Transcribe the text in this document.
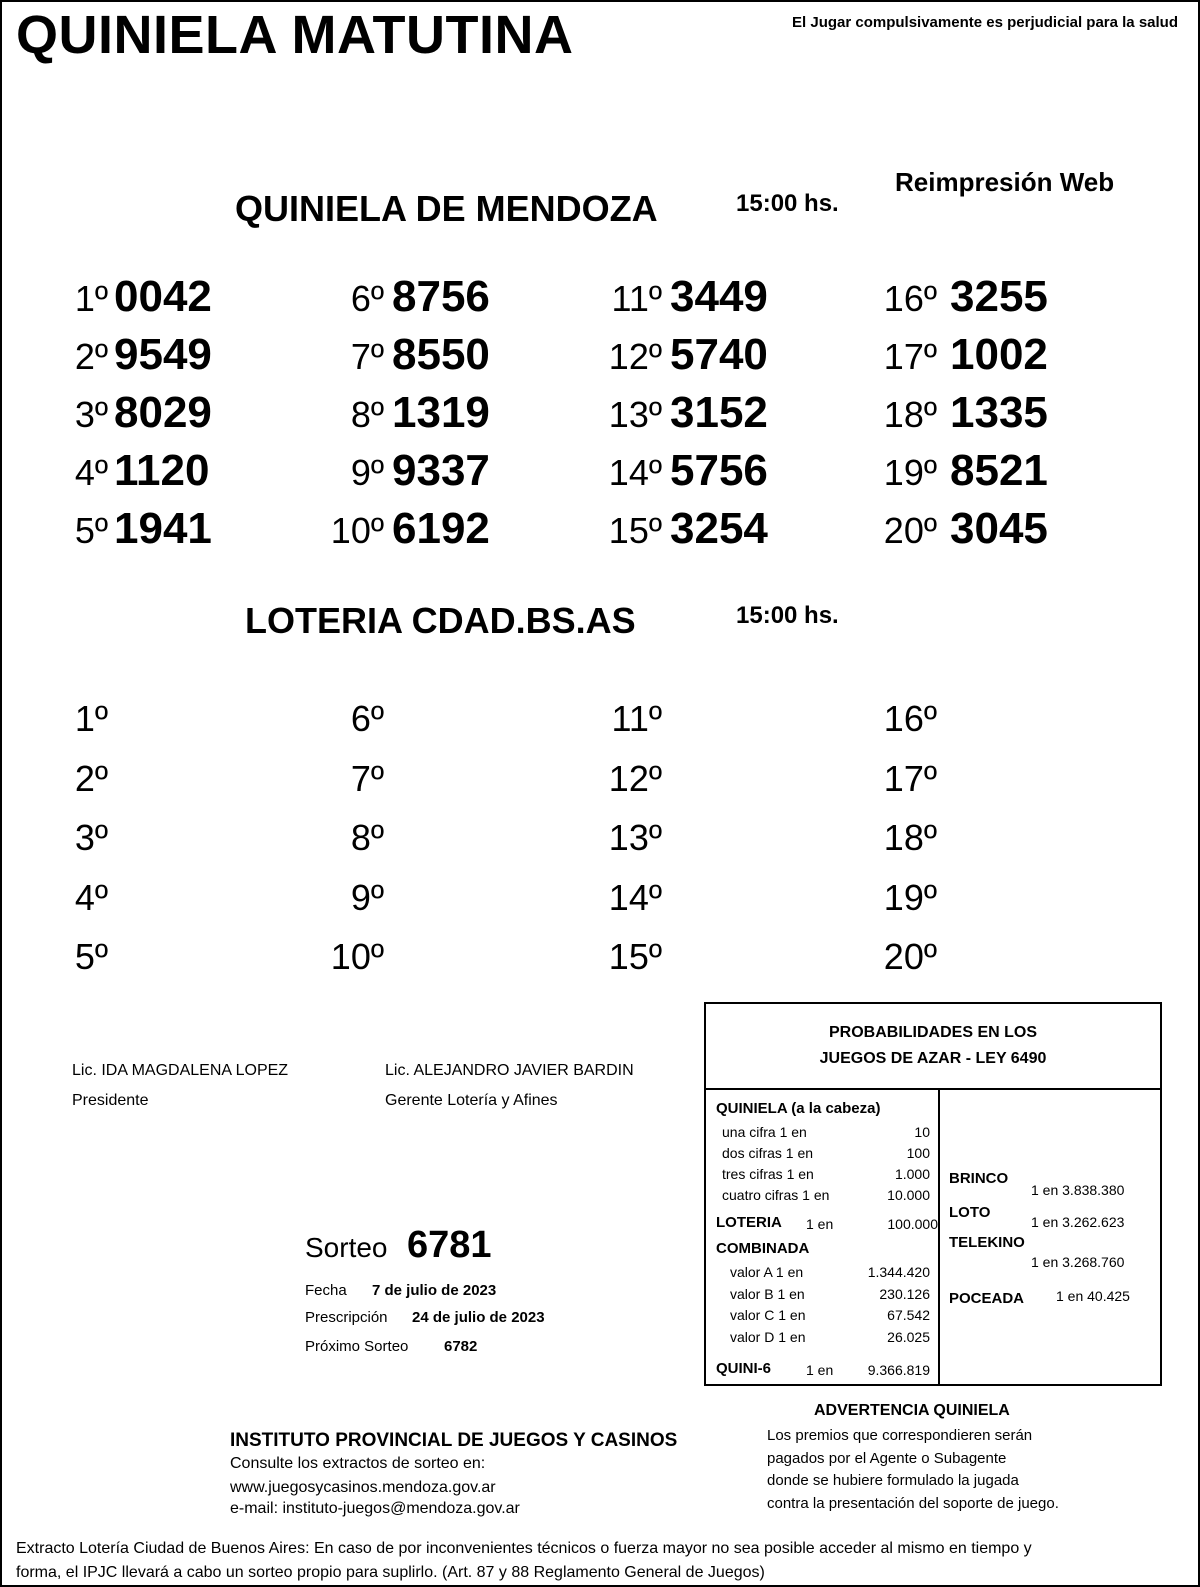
QUINIELA MATUTINA	El Jugar compulsivamente es perjudicial para la salud
Reimpresión Web
QUINIELA DE MENDOZA	15:00 hs.
1º 0042
2º 9549
3º 8029
4º 1120
5º 1941
6º 8756
7º 8550
8º 1319
9º 9337
10º 6192
11º 3449
12º 5740
13º 3152
14º 5756
15º 3254
16º 3255
17º 1002
18º 1335
19º 8521
20º 3045
LOTERIA CDAD.BS.AS	15:00 hs.
1º
2º
3º
4º
5º
6º
7º
8º
9º
10º
11º
12º
13º
14º
15º
16º
17º
18º
19º
20º
Lic. IDA MAGDALENA LOPEZ
Presidente
Lic. ALEJANDRO JAVIER BARDIN
Gerente Lotería y Afines
Sorteo 6781
Fecha 7 de julio de 2023
Prescripción 24 de julio de 2023
Próximo Sorteo 6782
PROBABILIDADES EN LOS
JUEGOS DE AZAR - LEY 6490
QUINIELA (a la cabeza)
una cifra 1 en	10
dos cifras 1 en	100
tres cifras 1 en	1.000
cuatro cifras 1 en	10.000
LOTERIA 1 en	100.000
COMBINADA
valor A 1 en	1.344.420
valor B 1 en	230.126
valor C 1 en	67.542
valor D 1 en	26.025
QUINI-6 1 en 9.366.819
BRINCO
1 en 3.838.380
LOTO
1 en 3.262.623
TELEKINO
1 en 3.268.760
POCEADA 1 en 40.425
ADVERTENCIA QUINIELA
Los premios que correspondieren serán
pagados por el Agente o Subagente
donde se hubiere formulado la jugada
contra la presentación del soporte de juego.
INSTITUTO PROVINCIAL DE JUEGOS Y CASINOS
Consulte los extractos de sorteo en:
www.juegosycasinos.mendoza.gov.ar
e-mail: instituto-juegos@mendoza.gov.ar
Extracto Lotería Ciudad de Buenos Aires: En caso de por inconvenientes técnicos o fuerza mayor no sea posible acceder al mismo en tiempo y
forma, el IPJC llevará a cabo un sorteo propio para suplirlo. (Art. 87 y 88 Reglamento General de Juegos)
